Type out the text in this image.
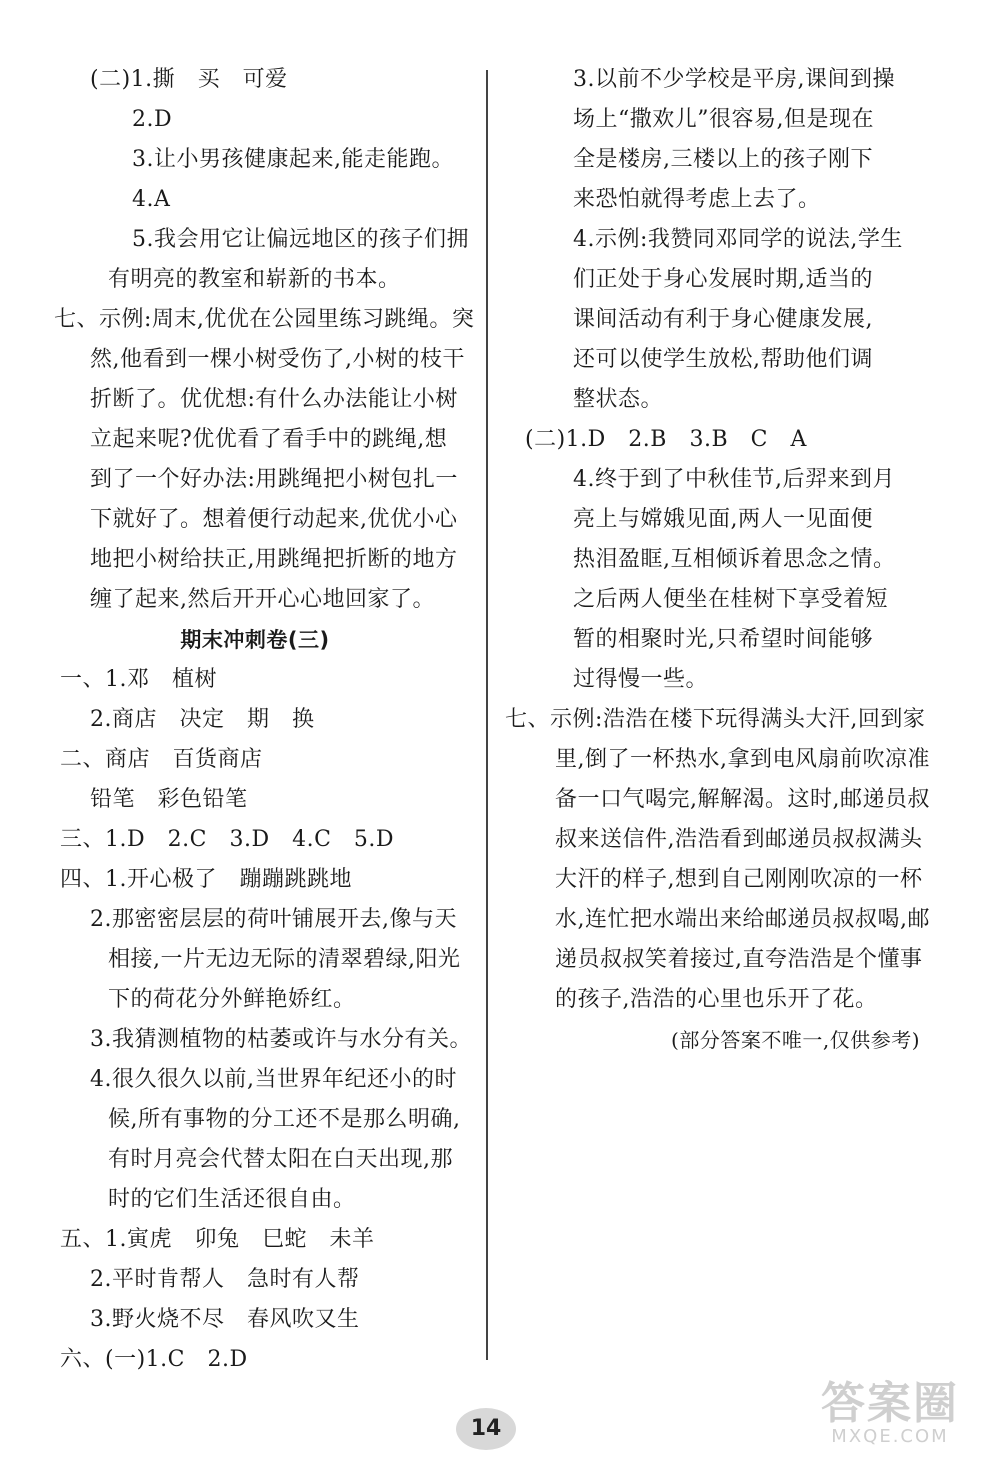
(二)1.撕　买　可爱
2.D
3.让小男孩健康起来,能走能跑。
4.A
5.我会用它让偏远地区的孩子们拥
有明亮的教室和崭新的书本。
七、示例:周末,优优在公园里练习跳绳。突
然,他看到一棵小树受伤了,小树的枝干
折断了。优优想:有什么办法能让小树
立起来呢?优优看了看手中的跳绳,想
到了一个好办法:用跳绳把小树包扎一
下就好了。想着便行动起来,优优小心
地把小树给扶正,用跳绳把折断的地方
缠了起来,然后开开心心地回家了。
期末冲刺卷(三)
一、1.邓　植树
2.商店　决定　期　换
二、商店　百货商店
铅笔　彩色铅笔
三、1.D　2.C　3.D　4.C　5.D
四、1.开心极了　蹦蹦跳跳地
2.那密密层层的荷叶铺展开去,像与天
相接,一片无边无际的清翠碧绿,阳光
下的荷花分外鲜艳娇红。
3.我猜测植物的枯萎或许与水分有关。
4.很久很久以前,当世界年纪还小的时
候,所有事物的分工还不是那么明确,
有时月亮会代替太阳在白天出现,那
时的它们生活还很自由。
五、1.寅虎　卯兔　巳蛇　未羊
2.平时肯帮人　急时有人帮
3.野火烧不尽　春风吹又生
六、(一)1.C　2.D
3.以前不少学校是平房,课间到操
场上“撒欢儿”很容易,但是现在
全是楼房,三楼以上的孩子刚下
来恐怕就得考虑上去了。
4.示例:我赞同邓同学的说法,学生
们正处于身心发展时期,适当的
课间活动有利于身心健康发展,
还可以使学生放松,帮助他们调
整状态。
(二)1.D　2.B　3.B　C　A
4.终于到了中秋佳节,后羿来到月
亮上与嫦娥见面,两人一见面便
热泪盈眶,互相倾诉着思念之情。
之后两人便坐在桂树下享受着短
暂的相聚时光,只希望时间能够
过得慢一些。
七、示例:浩浩在楼下玩得满头大汗,回到家
里,倒了一杯热水,拿到电风扇前吹凉准
备一口气喝完,解解渴。这时,邮递员叔
叔来送信件,浩浩看到邮递员叔叔满头
大汗的样子,想到自己刚刚吹凉的一杯
水,连忙把水端出来给邮递员叔叔喝,邮
递员叔叔笑着接过,直夸浩浩是个懂事
的孩子,浩浩的心里也乐开了花。
(部分答案不唯一,仅供参考)
14	答案圈
MXQE.COM
